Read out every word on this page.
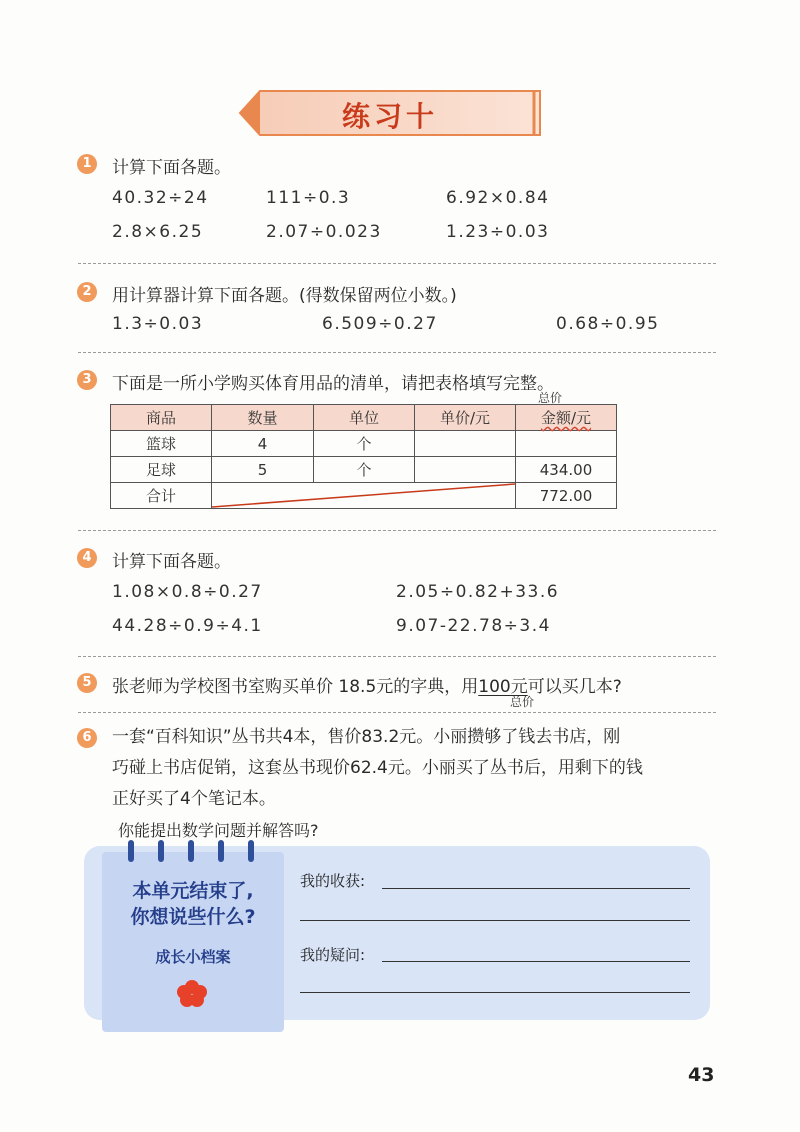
练习十
1	计算下面各题。
40.32÷24	111÷0.3	6.92×0.84
2.8×6.25	2.07÷0.023	1.23÷0.03
2	用计算器计算下面各题。(得数保留两位小数。)
1.3÷0.03	6.509÷0.27	0.68÷0.95
3	下面是一所小学购买体育用品的清单，请把表格填写完整。
总价
商品	数量	单位	单价/元	金额/元
篮球	4	个		
足球	5	个		434.00
合计				772.00
4	计算下面各题。
1.08×0.8÷0.27	2.05÷0.82+33.6
44.28÷0.9÷4.1	9.07-22.78÷3.4
5	张老师为学校图书室购买单价 18.5元的字典，用100元可以买几本?
总价
6	一套“百科知识”丛书共4本，售价83.2元。小丽攒够了钱去书店，刚
巧碰上书店促销，这套丛书现价62.4元。小丽买了丛书后，用剩下的钱
正好买了4个笔记本。
你能提出数学问题并解答吗?
本单元结束了,
你想说些什么?
成长小档案
我的收获:
我的疑问:
43
